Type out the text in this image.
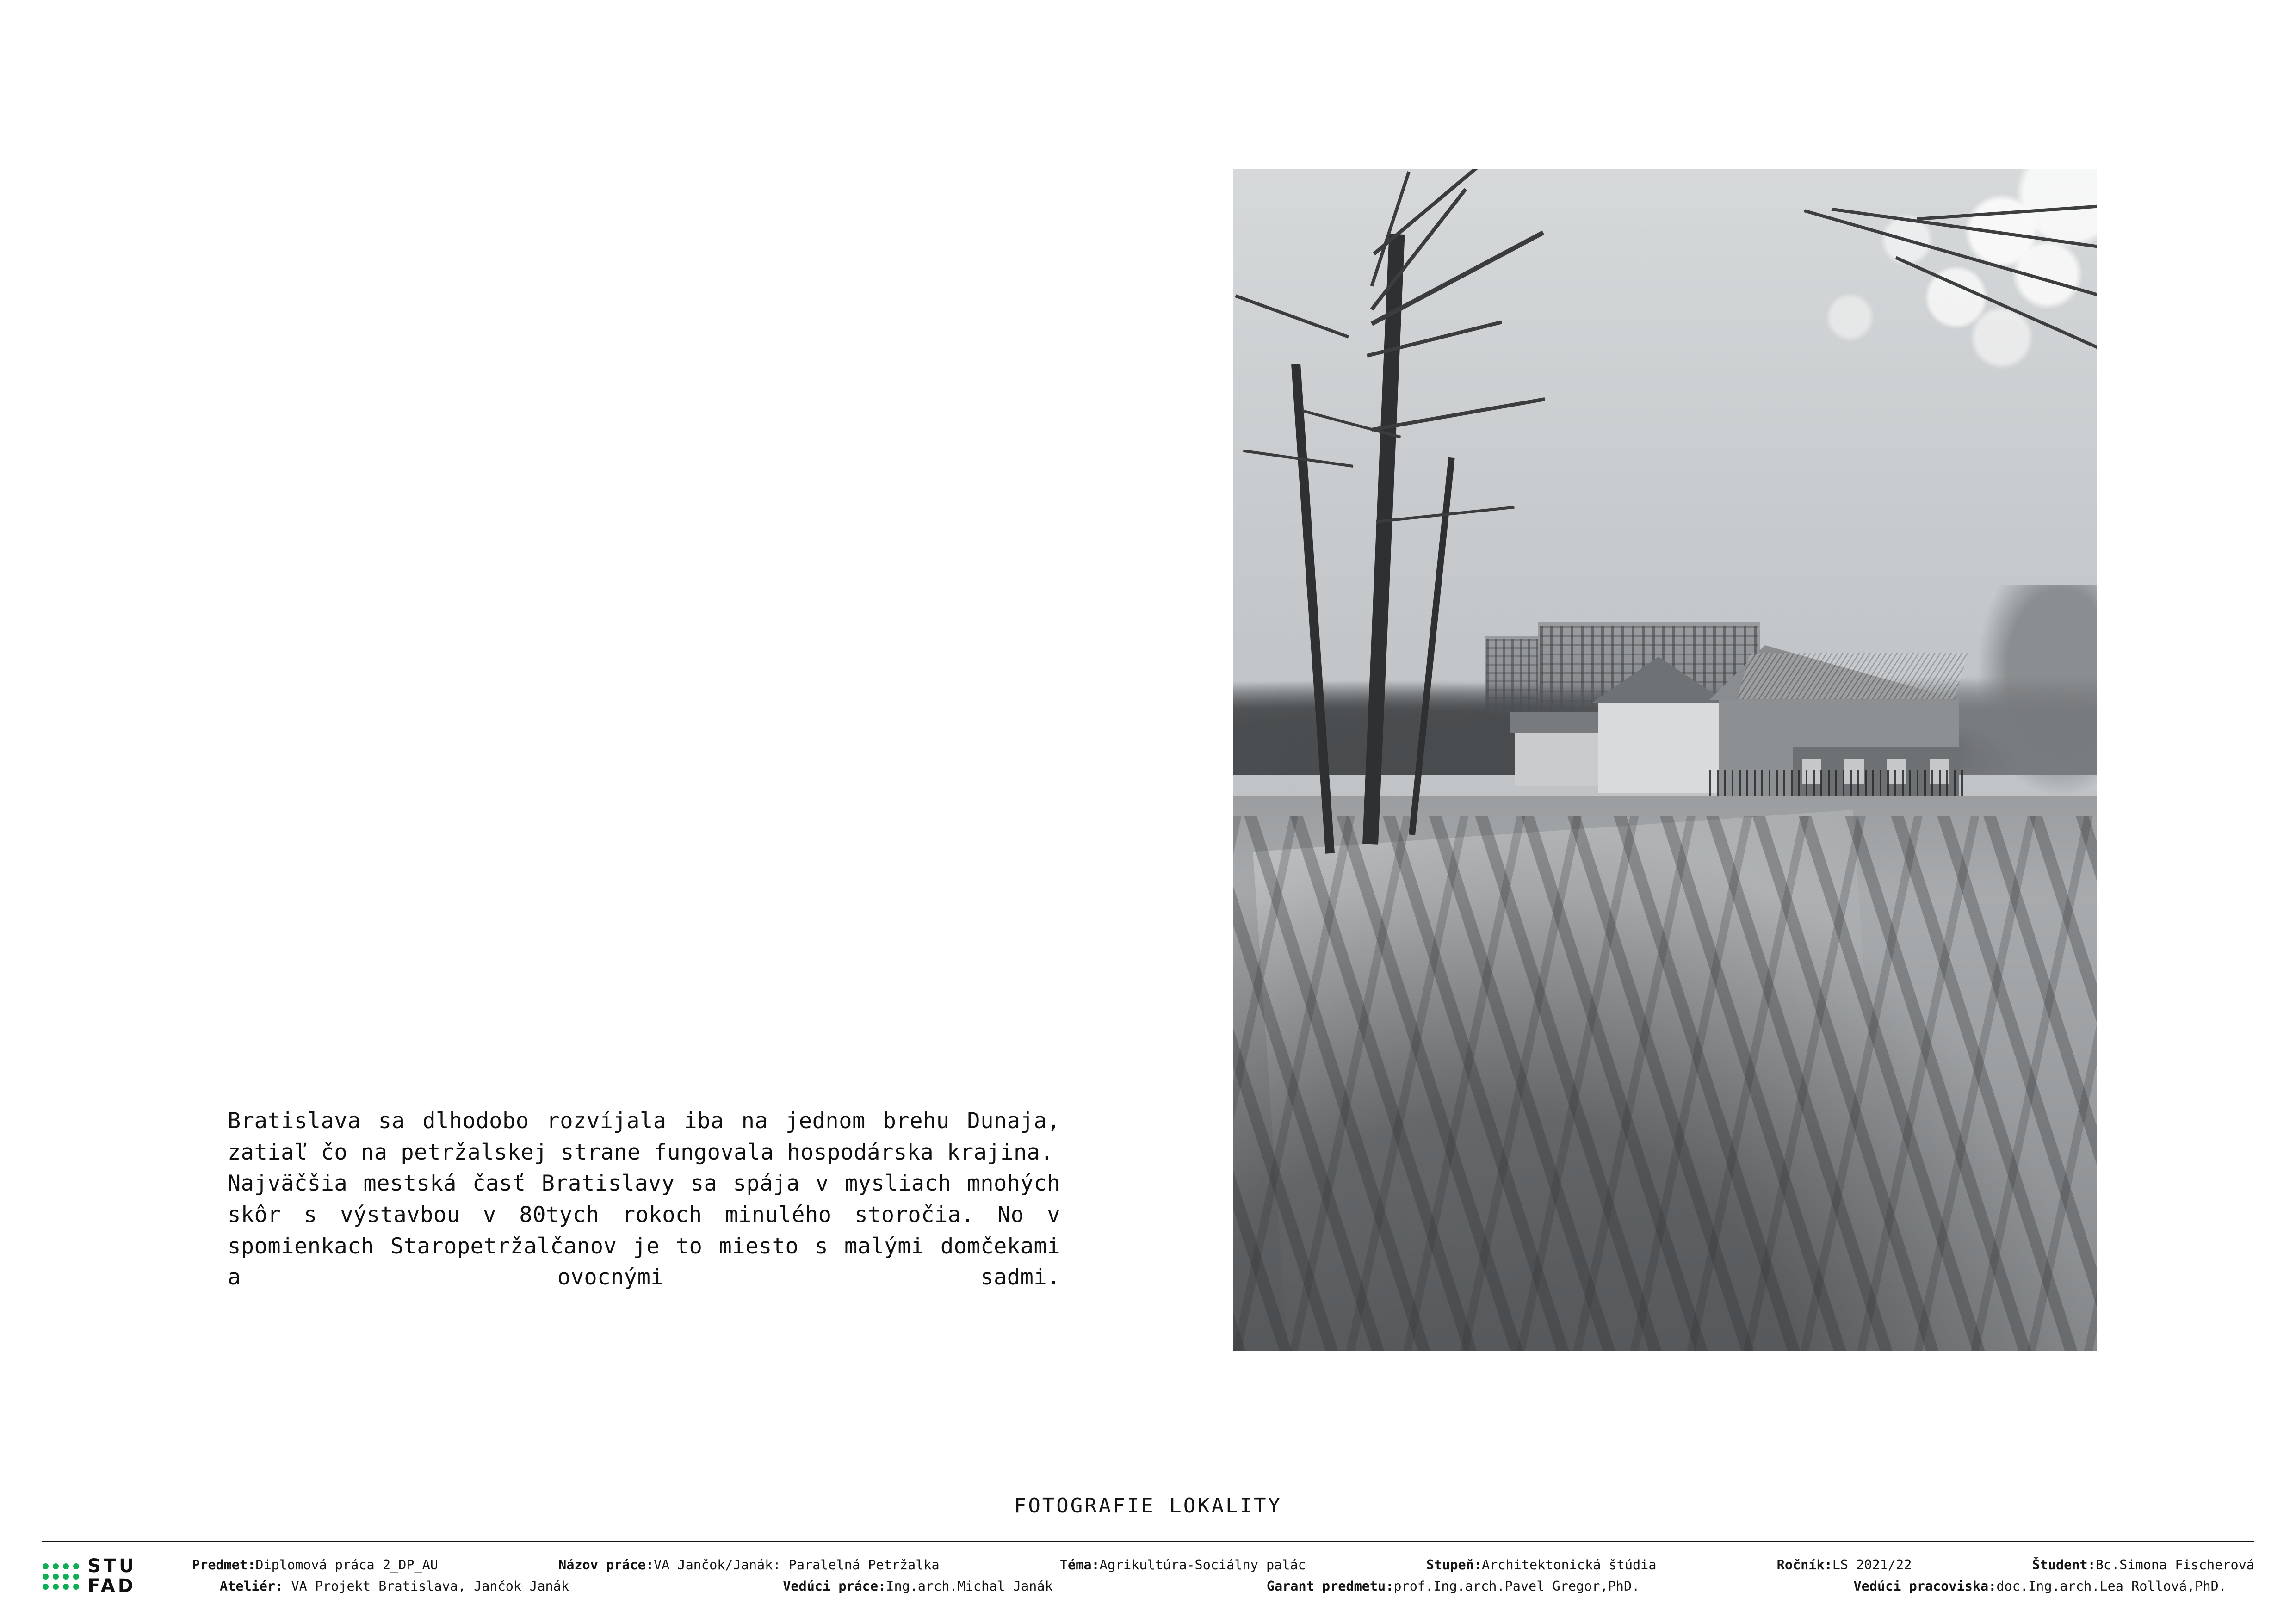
Bratislava sa dlhodobo rozvíjala iba na jednom brehu Dunaja, zatiaľ čo na petržalskej strane fungovala hospodárska krajina.

Najväčšia mestská časť Bratislavy sa spája v mysliach mnohých skôr s výstavbou v 80tych rokoch minulého storočia. No v spomienkach Staropetržalčanov je to miesto s malými domčekami a ovocnými sadmi.

FOTOGRAFIE LOKALITY
STU
FAD
Predmet:Diplomová práca 2_DP_AU	Názov práce:VA Jančok/Janák: Paralelná Petržalka	Téma:Agrikultúra-Sociálny palác	Stupeň:Architektonická štúdia	Ročník:LS 2021/22	Študent:Bc.Simona Fischerová
Ateliér: VA Projekt Bratislava, Jančok Janák	Vedúci práce:Ing.arch.Michal Janák	Garant predmetu:prof.Ing.arch.Pavel Gregor,PhD.	Vedúci pracoviska:doc.Ing.arch.Lea Rollová,PhD.
